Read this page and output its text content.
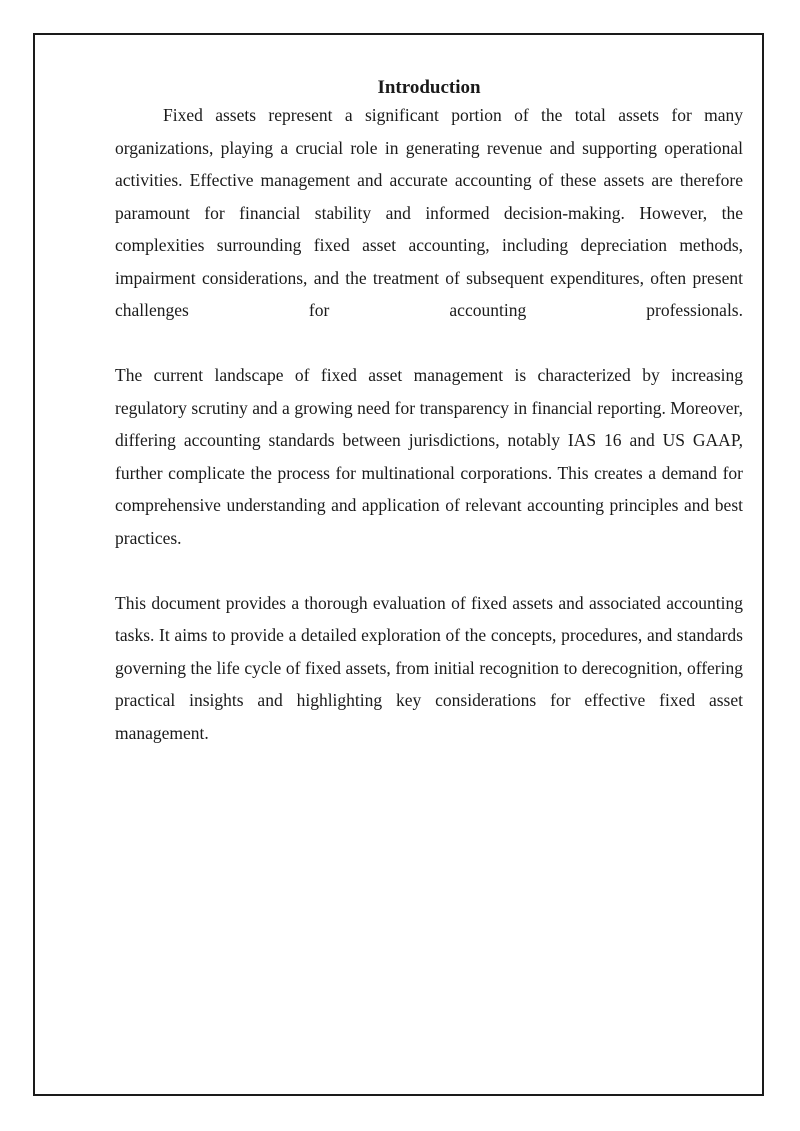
Introduction

Fixed assets represent a significant portion of the total assets for many organizations, playing a crucial role in generating revenue and supporting operational activities. Effective management and accurate accounting of these assets are therefore paramount for financial stability and informed decision-making. However, the complexities surrounding fixed asset accounting, including depreciation methods, impairment considerations, and the treatment of subsequent expenditures, often present challenges for accounting professionals.

The current landscape of fixed asset management is characterized by increasing regulatory scrutiny and a growing need for transparency in financial reporting. Moreover, differing accounting standards between jurisdictions, notably IAS 16 and US GAAP, further complicate the process for multinational corporations. This creates a demand for comprehensive understanding and application of relevant accounting principles and best practices.

This document provides a thorough evaluation of fixed assets and associated accounting tasks. It aims to provide a detailed exploration of the concepts, procedures, and standards governing the life cycle of fixed assets, from initial recognition to derecognition, offering practical insights and highlighting key considerations for effective fixed asset management.
